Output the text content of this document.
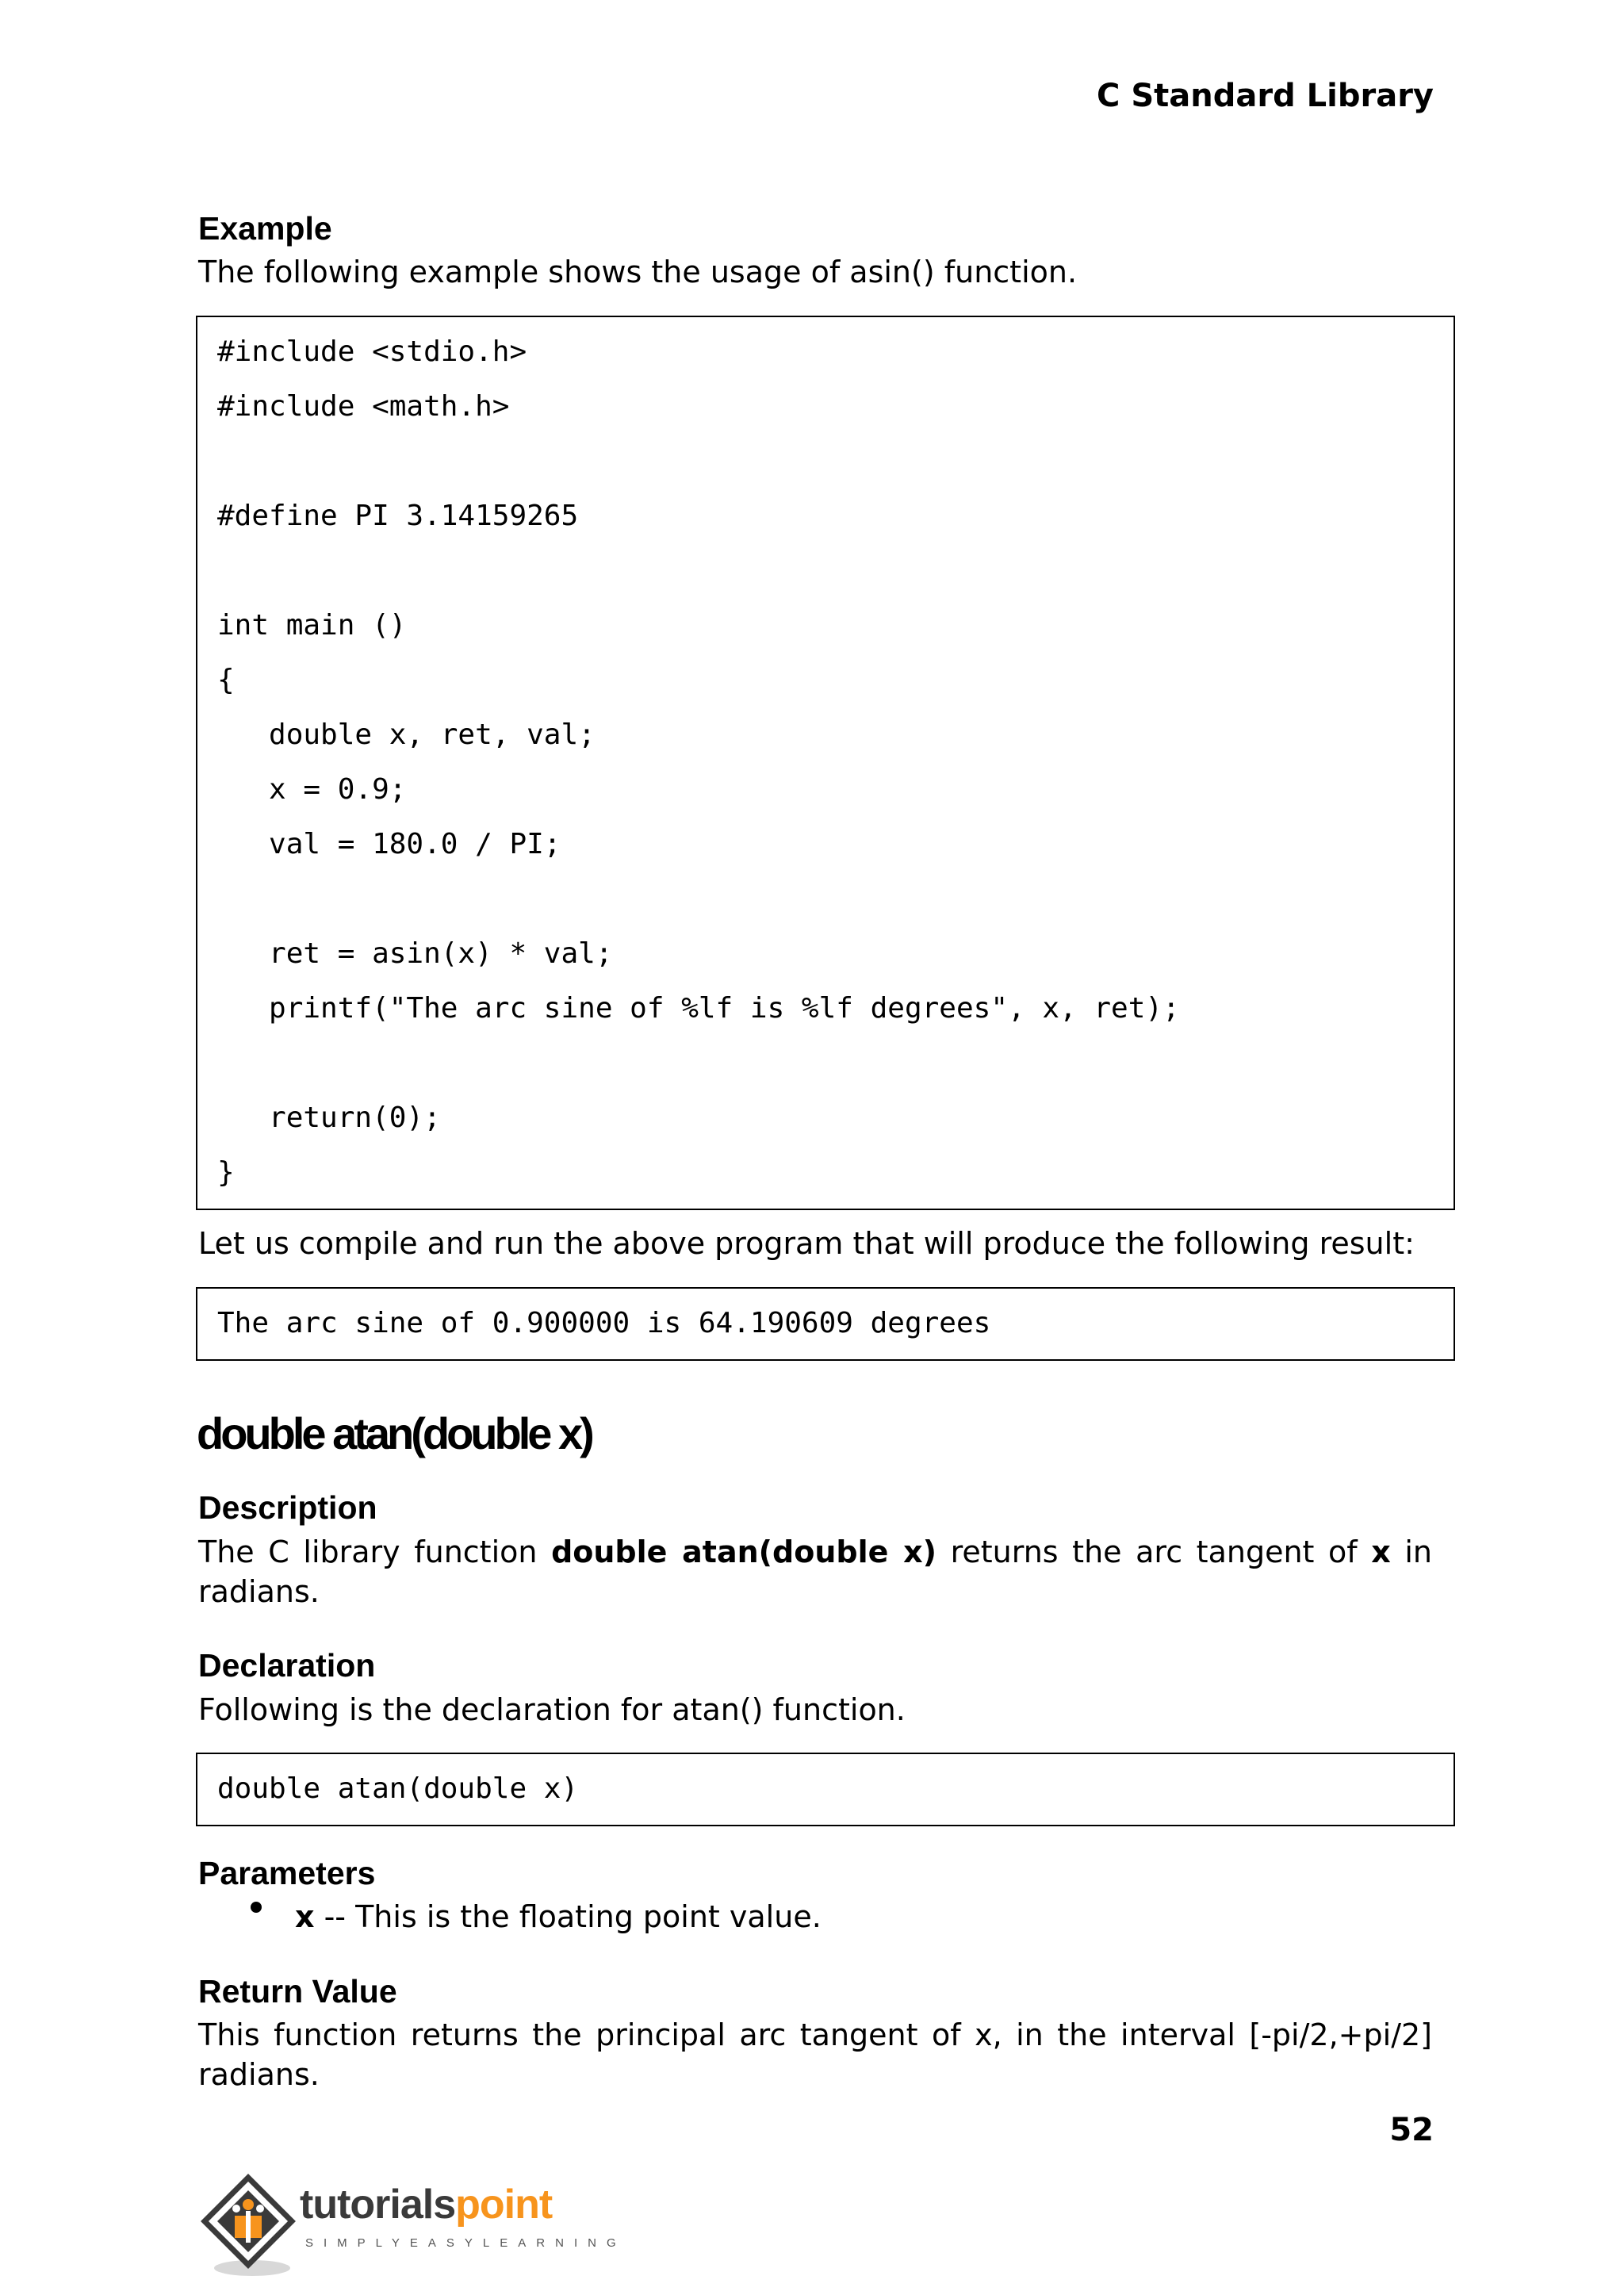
C Standard Library
Example
The following example shows the usage of asin() function.
#include <stdio.h>
#include <math.h>
#define PI 3.14159265
int main ()
{
double x, ret, val;
x = 0.9;
val = 180.0 / PI;
ret = asin(x) * val;
printf("The arc sine of %lf is %lf degrees", x, ret);
return(0);
}
Let us compile and run the above program that will produce the following result:
The arc sine of 0.900000 is 64.190609 degrees
double atan(double x)
Description

The C library function double atan(double x) returns the arc tangent of x in radians.

Declaration
Following is the declaration for atan() function.
double atan(double x)
Parameters
x -- This is the floating point value.
Return Value

This function returns the principal arc tangent of x, in the interval [-pi/2,+pi/2] radians.

52
tutorialspoint
SIMPLYEASYLEARNING
